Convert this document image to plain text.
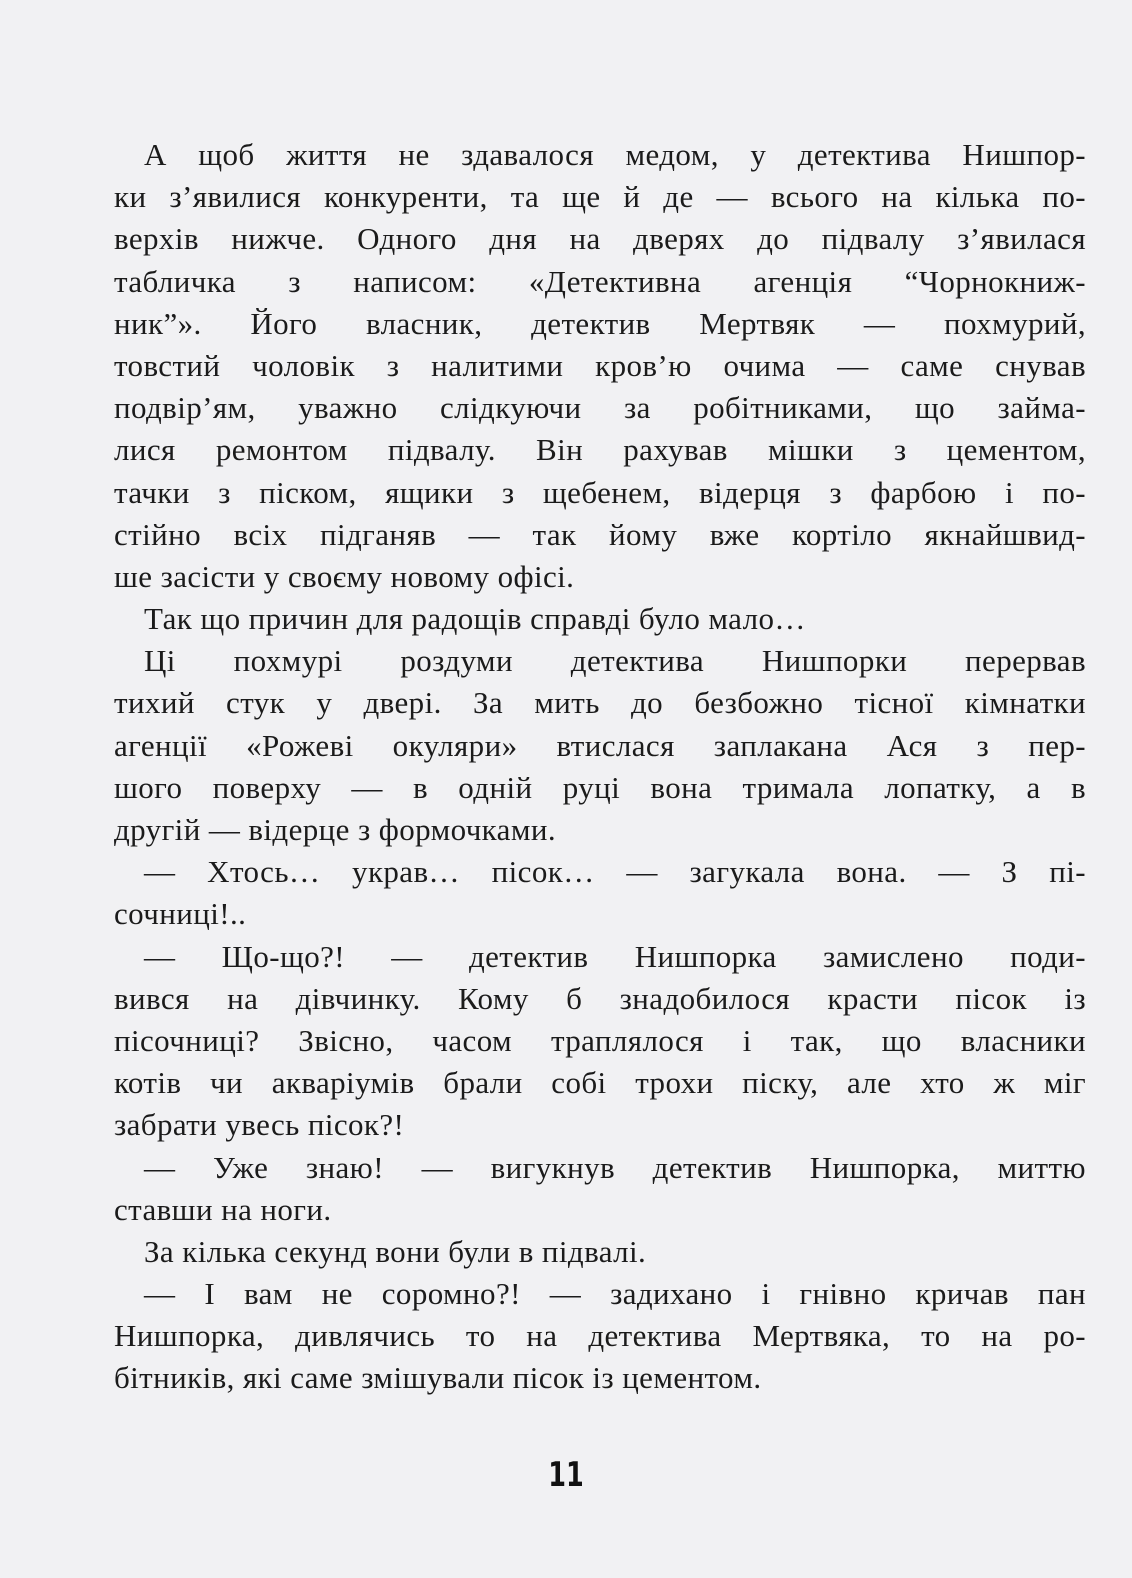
А щоб життя не здавалося медом, у детектива Нишпор-
ки з’явилися конкуренти, та ще й де — всього на кілька по-
верхів нижче. Одного дня на дверях до підвалу з’явилася
табличка з написом: «Детективна агенція “Чорнокниж-
ник”». Його власник, детектив Мертвяк — похмурий,
товстий чоловік з налитими кров’ю очима — саме снував
подвір’ям, уважно слідкуючи за робітниками, що займа-
лися ремонтом підвалу. Він рахував мішки з цементом,
тачки з піском, ящики з щебенем, відерця з фарбою і по-
стійно всіх підганяв — так йому вже кортіло якнайшвид-
ше засісти у своєму новому офісі.
Так що причин для радощів справді було мало…
Ці похмурі роздуми детектива Нишпорки перервав
тихий стук у двері. За мить до безбожно тісної кімнатки
агенції «Рожеві окуляри» втислася заплакана Ася з пер-
шого поверху — в одній руці вона тримала лопатку, а в
другій — відерце з формочками.
— Хтось… украв… пісок… — загукала вона. — З пі-
сочниці!..
— Що-що?! — детектив Нишпорка замислено поди-
вився на дівчинку. Кому б знадобилося красти пісок із
пісочниці? Звісно, часом траплялося і так, що власники
котів чи акваріумів брали собі трохи піску, але хто ж міг
забрати увесь пісок?!
— Уже знаю! — вигукнув детектив Нишпорка, миттю
ставши на ноги.
За кілька секунд вони були в підвалі.
— І вам не соромно?! — задихано і гнівно кричав пан
Нишпорка, дивлячись то на детектива Мертвяка, то на ро-
бітників, які саме змішували пісок із цементом.
11
